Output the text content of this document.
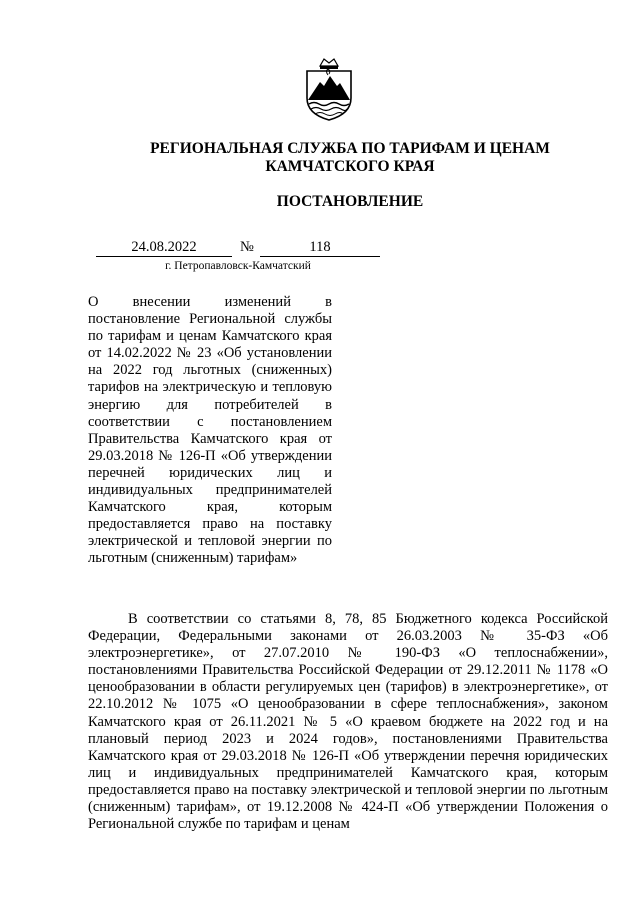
РЕГИОНАЛЬНАЯ СЛУЖБА ПО ТАРИФАМ И ЦЕНАМ
КАМЧАТСКОГО КРАЯ
ПОСТАНОВЛЕНИЕ
24.08.2022	№	118
г. Петропавловск-Камчатский
О внесении изменений в постановление Региональной службы по тарифам и ценам Камчатского края от 14.02.2022 № 23 «Об установлении на 2022 год льготных (сниженных) тарифов на электрическую и тепловую энергию для потребителей в соответствии с постановлением Правительства Камчатского края от 29.03.2018 № 126-П «Об утверждении перечней юридических лиц и индивидуальных предпринимателей Камчатского края, которым предоставляется право на поставку электрической и тепловой энергии по льготным (сниженным) тарифам»
В соответствии со статьями 8, 78, 85 Бюджетного кодекса Российской Федерации, Федеральными законами от 26.03.2003 № 35-ФЗ «Об электроэнергетике», от 27.07.2010 № 190-ФЗ «О теплоснабжении», постановлениями Правительства Российской Федерации от 29.12.2011 № 1178 «О ценообразовании в области регулируемых цен (тарифов) в электроэнергетике», от 22.10.2012 № 1075 «О ценообразовании в сфере теплоснабжения», законом Камчатского края от 26.11.2021 № 5 «О краевом бюджете на 2022 год и на плановый период 2023 и 2024 годов», постановлениями Правительства Камчатского края от 29.03.2018 № 126-П «Об утверждении перечня юридических лиц и индивидуальных предпринимателей Камчатского края, которым предоставляется право на поставку электрической и тепловой энергии по льготным (сниженным) тарифам», от 19.12.2008 № 424-П «Об утверждении Положения о Региональной службе по тарифам и ценам
